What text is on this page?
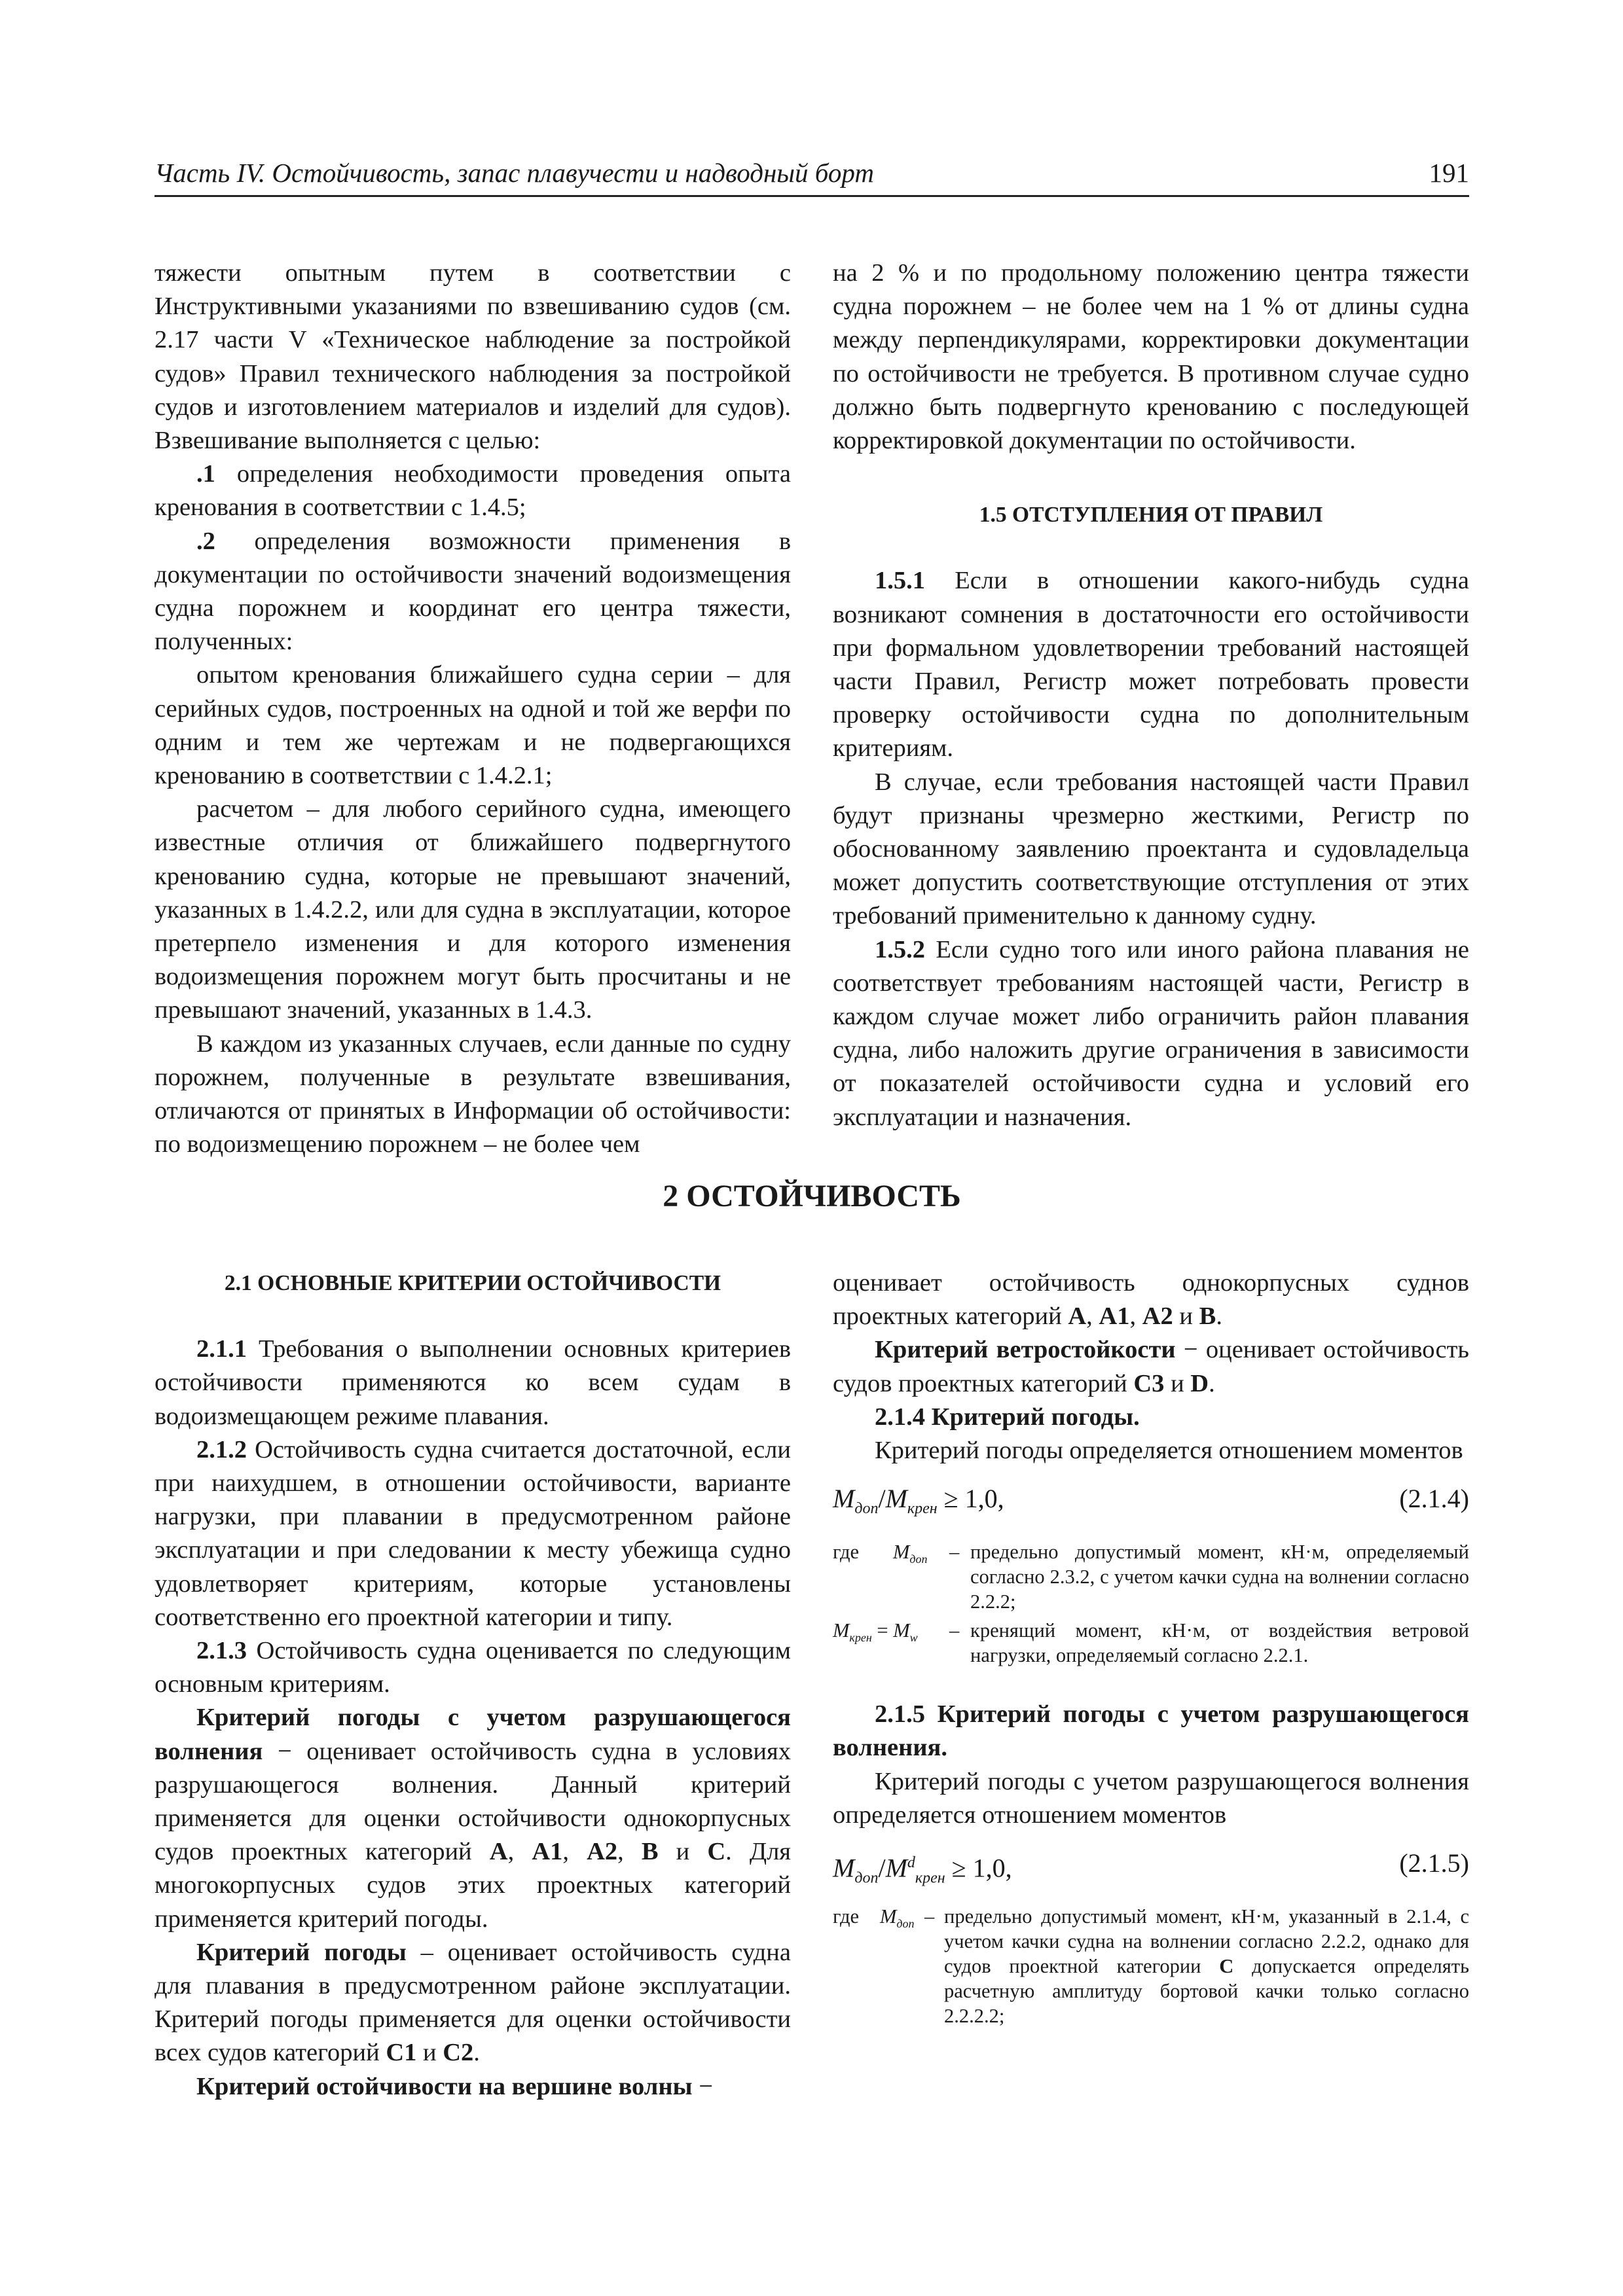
Часть IV. Остойчивость, запас плавучести и надводный борт	191

тяжести опытным путем в соответствии с Инструктивными указаниями по взвешиванию судов (см. 2.17 части V «Техническое наблюдение за постройкой судов» Правил технического наблюдения за постройкой судов и изготовлением материалов и изделий для судов). Взвешивание выполняется с целью:

.1 определения необходимости проведения опыта кренования в соответствии с 1.4.5;

.2 определения возможности применения в документации по остойчивости значений водоизмещения судна порожнем и координат его центра тяжести, полученных:

опытом кренования ближайшего судна серии – для серийных судов, построенных на одной и той же верфи по одним и тем же чертежам и не подвергающихся кренованию в соответствии с 1.4.2.1;

расчетом – для любого серийного судна, имеющего известные отличия от ближайшего подвергнутого кренованию судна, которые не превышают значений, указанных в 1.4.2.2, или для судна в эксплуатации, которое претерпело изменения и для которого изменения водоизмещения порожнем могут быть просчитаны и не превышают значений, указанных в 1.4.3.

В каждом из указанных случаев, если данные по судну порожнем, полученные в результате взвешивания, отличаются от принятых в Информации об остойчивости: по водоизмещению порожнем – не более чем

на 2 % и по продольному положению центра тяжести судна порожнем – не более чем на 1 % от длины судна между перпендикулярами, корректировки документации по остойчивости не требуется. В противном случае судно должно быть подвергнуто кренованию с последующей корректировкой документации по остойчивости.

1.5 ОТСТУПЛЕНИЯ ОТ ПРАВИЛ

1.5.1 Если в отношении какого-нибудь судна возникают сомнения в достаточности его остойчивости при формальном удовлетворении требований настоящей части Правил, Регистр может потребовать провести проверку остойчивости судна по дополнительным критериям.

В случае, если требования настоящей части Правил будут признаны чрезмерно жесткими, Регистр по обоснованному заявлению проектанта и судовладельца может допустить соответствующие отступления от этих требований применительно к данному судну.

1.5.2 Если судно того или иного района плавания не соответствует требованиям настоящей части, Регистр в каждом случае может либо ограничить район плавания судна, либо наложить другие ограничения в зависимости от показателей остойчивости судна и условий его эксплуатации и назначения.

2 ОСТОЙЧИВОСТЬ
2.1 ОСНОВНЫЕ КРИТЕРИИ ОСТОЙЧИВОСТИ

2.1.1 Требования о выполнении основных критериев остойчивости применяются ко всем судам в водоизмещающем режиме плавания.

2.1.2 Остойчивость судна считается достаточной, если при наихудшем, в отношении остойчивости, варианте нагрузки, при плавании в предусмотренном районе эксплуатации и при следовании к месту убежища судно удовлетворяет критериям, которые установлены соответственно его проектной категории и типу.

2.1.3 Остойчивость судна оценивается по следующим основным критериям.

Критерий погоды с учетом разрушающегося волнения − оценивает остойчивость судна в условиях разрушающегося волнения. Данный критерий применяется для оценки остойчивости однокорпусных судов проектных категорий A, A1, A2, B и C. Для многокорпусных судов этих проектных категорий применяется критерий погоды.

Критерий погоды – оценивает остойчивость судна для плавания в предусмотренном районе эксплуатации. Критерий погоды применяется для оценки остойчивости всех судов категорий C1 и C2.

Критерий остойчивости на вершине волны −

оценивает остойчивость однокорпусных суднов проектных категорий A, A1, A2 и B.

Критерий ветростойкости − оценивает остойчивость судов проектных категорий C3 и D.

2.1.4 Критерий погоды.

Критерий погоды определяется отношением моментов

$M_{доп}/M_{крен} \ge 1,0$,	(2.1.4)
где $M_{доп}$ – предельно допустимый момент, кН·м, определяемый согласно 2.3.2, с учетом качки судна на волнении согласно 2.2.2;
$M_{крен} = M_w$ – кренящий момент, кН·м, от воздействия ветровой нагрузки, определяемый согласно 2.2.1.

2.1.5 Критерий погоды с учетом разрушающегося волнения.

Критерий погоды с учетом разрушающегося волнения определяется отношением моментов

$M_{доп}/M^d_{крен} \ge 1,0$,	(2.1.5)
где $M_{доп}$ – предельно допустимый момент, кН·м, указанный в 2.1.4, с учетом качки судна на волнении согласно 2.2.2, однако для судов проектной категории C допускается определять расчетную амплитуду бортовой качки только согласно 2.2.2.2;
